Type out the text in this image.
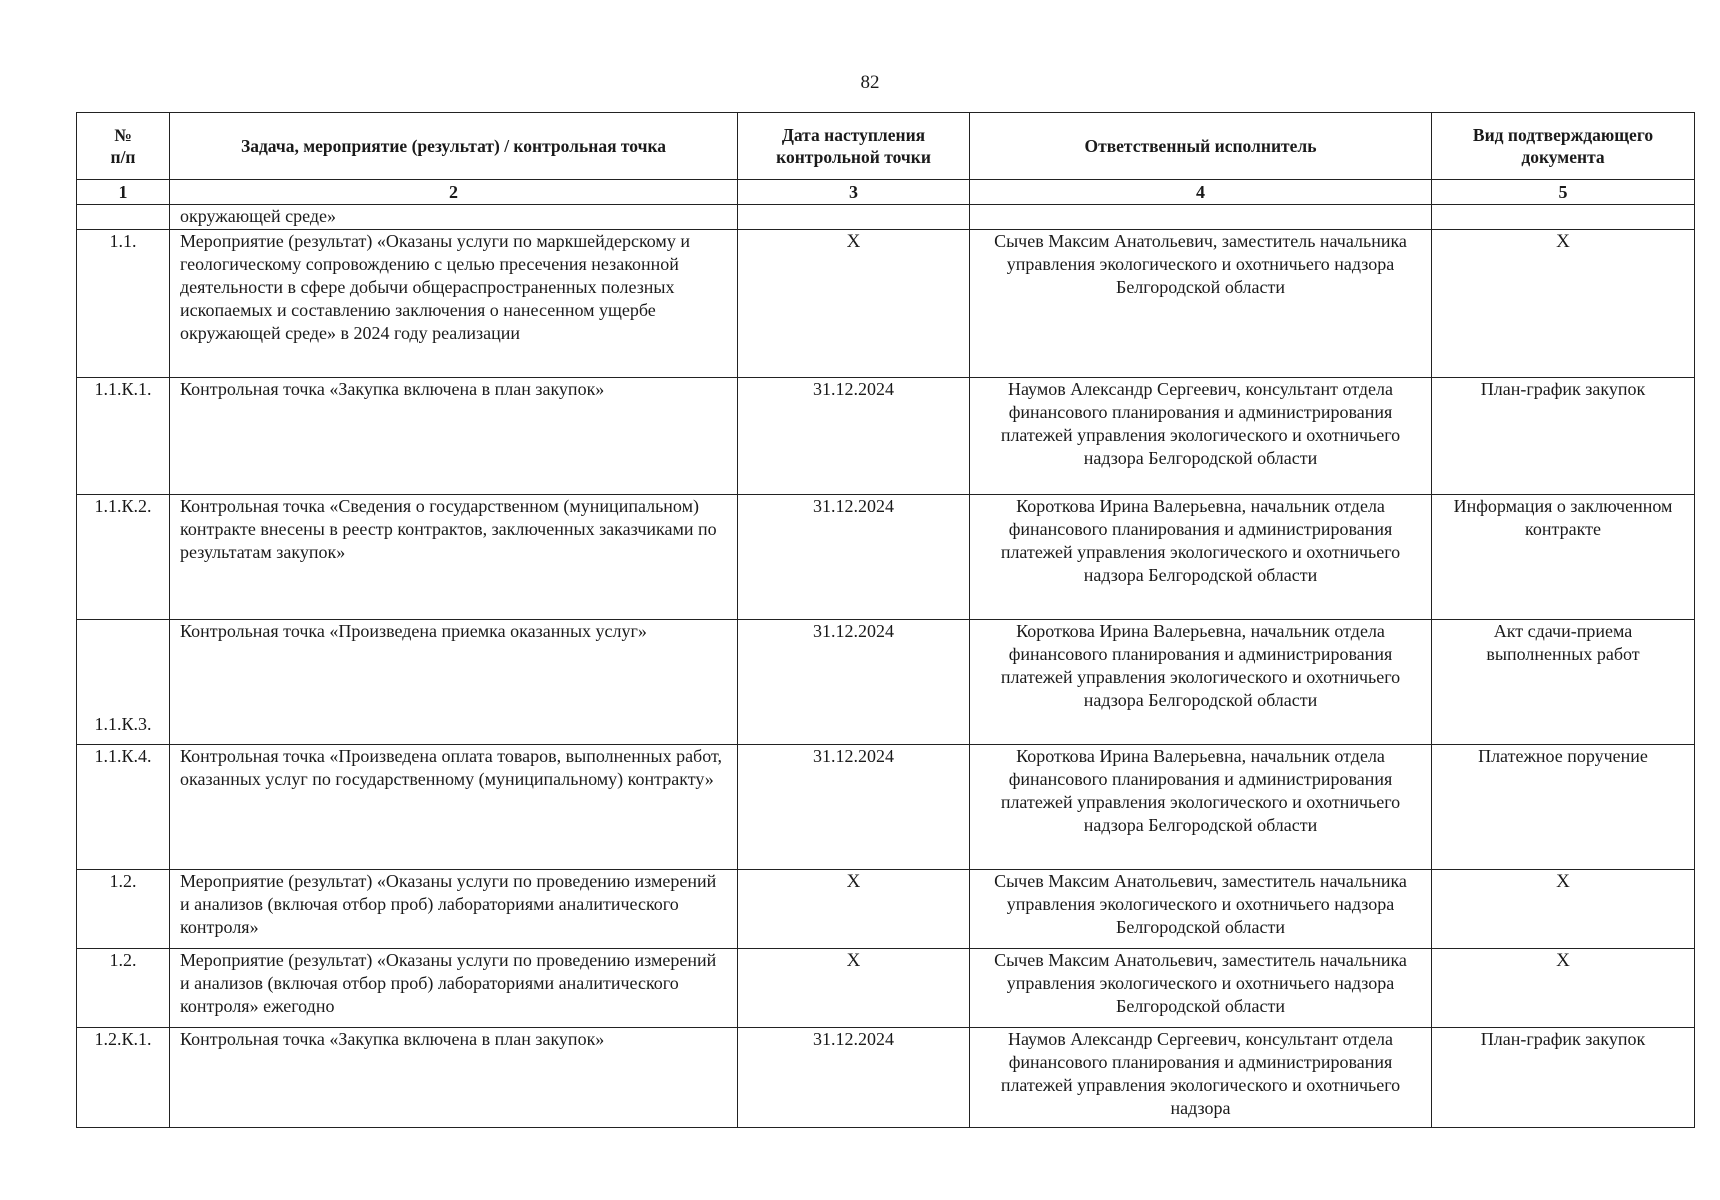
82
№
п/п	Задача, мероприятие (результат) / контрольная точка	Дата наступления контрольной точки	Ответственный исполнитель	Вид подтверждающего документа
1	2	3	4	5
	окружающей среде»			
1.1.	Мероприятие (результат) «Оказаны услуги по маркшейдерскому и геологическому сопровождению с целью пресечения незаконной деятельности в сфере добычи общераспространенных полезных ископаемых и составлению заключения о нанесенном ущербе окружающей среде» в 2024 году реализации	X	Сычев Максим Анатольевич, заместитель начальника управления экологического и охотничьего надзора Белгородской области	X
1.1.К.1.	Контрольная точка «Закупка включена в план закупок»	31.12.2024	Наумов Александр Сергеевич, консультант отдела финансового планирования и администрирования платежей управления экологического и охотничьего надзора Белгородской области	План-график закупок
1.1.К.2.	Контрольная точка «Сведения о государственном (муниципальном) контракте внесены в реестр контрактов, заключенных заказчиками по результатам закупок»	31.12.2024	Короткова Ирина Валерьевна, начальник отдела финансового планирования и администрирования платежей управления экологического и охотничьего надзора Белгородской области	Информация о заключенном контракте
1.1.К.3.	Контрольная точка «Произведена приемка оказанных услуг»	31.12.2024	Короткова Ирина Валерьевна, начальник отдела финансового планирования и администрирования платежей управления экологического и охотничьего надзора Белгородской области	Акт сдачи-приема выполненных работ
1.1.К.4.	Контрольная точка «Произведена оплата товаров, выполненных работ, оказанных услуг по государственному (муниципальному) контракту»	31.12.2024	Короткова Ирина Валерьевна, начальник отдела финансового планирования и администрирования платежей управления экологического и охотничьего надзора Белгородской области	Платежное поручение
1.2.	Мероприятие (результат) «Оказаны услуги по проведению измерений и анализов (включая отбор проб) лабораториями аналитического контроля»	X	Сычев Максим Анатольевич, заместитель начальника управления экологического и охотничьего надзора Белгородской области	X
1.2.	Мероприятие (результат) «Оказаны услуги по проведению измерений и анализов (включая отбор проб) лабораториями аналитического контроля» ежегодно	X	Сычев Максим Анатольевич, заместитель начальника управления экологического и охотничьего надзора Белгородской области	X
1.2.К.1.	Контрольная точка «Закупка включена в план закупок»	31.12.2024	Наумов Александр Сергеевич, консультант отдела финансового планирования и администрирования платежей управления экологического и охотничьего надзора	План-график закупок
